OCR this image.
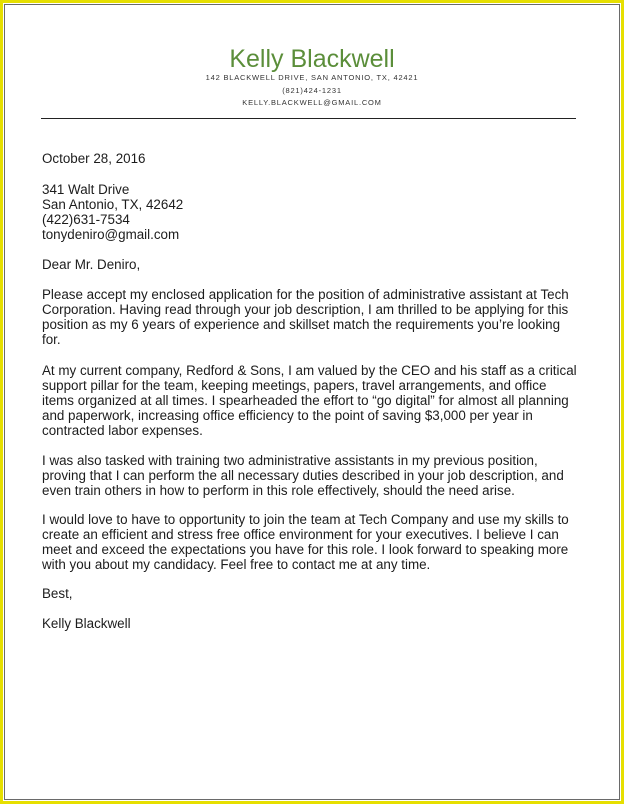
Kelly Blackwell
142 BLACKWELL DRIVE, SAN ANTONIO, TX, 42421
(821)424-1231
KELLY.BLACKWELL@GMAIL.COM
October 28, 2016
341 Walt Drive
San Antonio, TX, 42642
(422)631-7534
tonydeniro@gmail.com
Dear Mr. Deniro,

Please accept my enclosed application for the position of administrative assistant at Tech Corporation. Having read through your job description, I am thrilled to be applying for this position as my 6 years of experience and skillset match the requirements you’re looking for.

At my current company, Redford & Sons, I am valued by the CEO and his staff as a critical support pillar for the team, keeping meetings, papers, travel arrangements, and office items organized at all times. I spearheaded the effort to “go digital” for almost all planning and paperwork, increasing office efficiency to the point of saving $3,000 per year in contracted labor expenses.

I was also tasked with training two administrative assistants in my previous position, proving that I can perform the all necessary duties described in your job description, and even train others in how to perform in this role effectively, should the need arise.

I would love to have to opportunity to join the team at Tech Company and use my skills to create an efficient and stress free office environment for your executives. I believe I can meet and exceed the expectations you have for this role. I look forward to speaking more with you about my candidacy. Feel free to contact me at any time.

Best,
Kelly Blackwell
